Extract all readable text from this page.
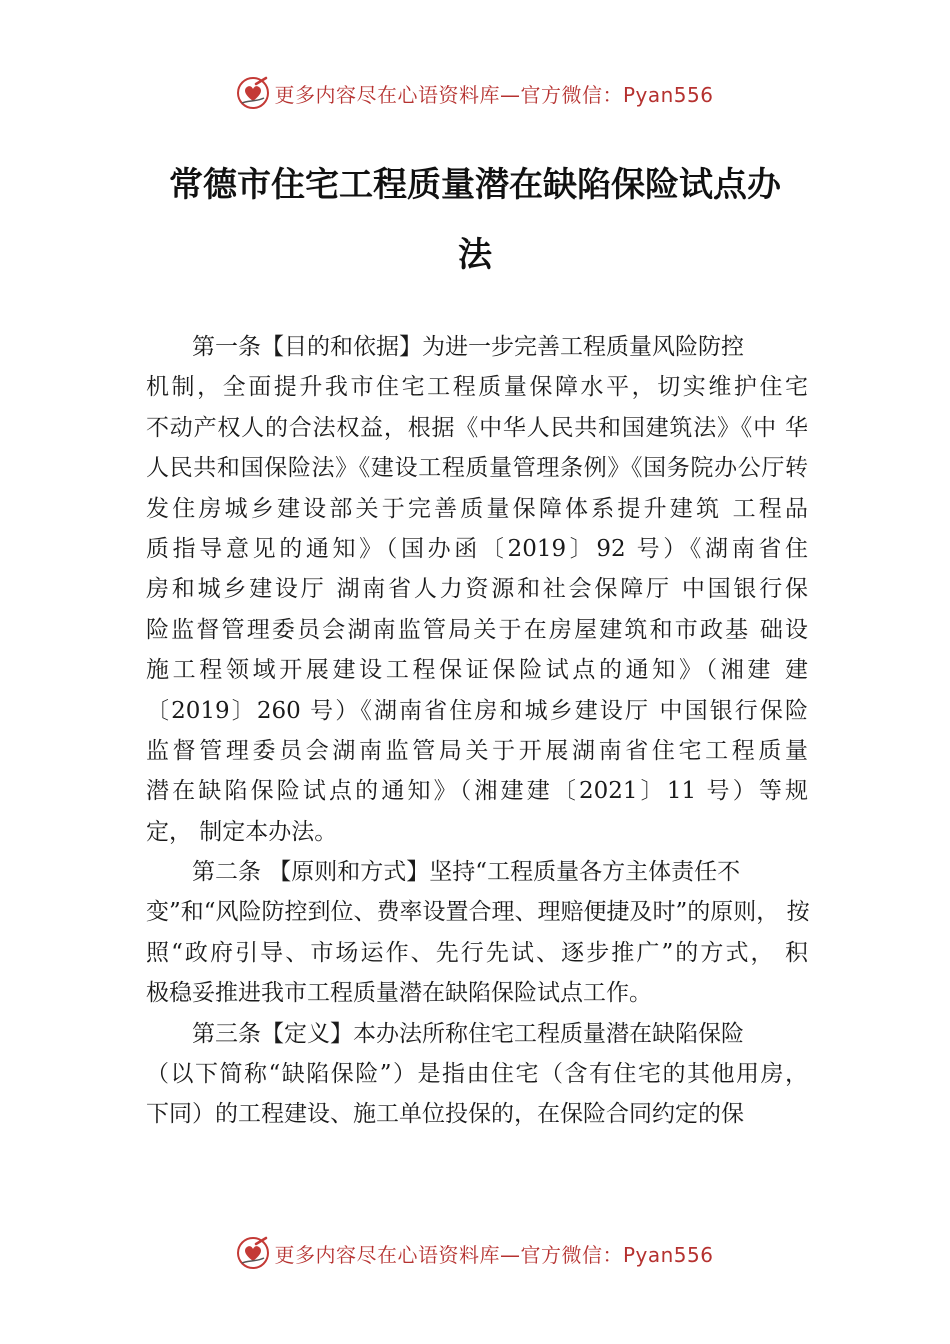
更多内容尽在心语资料库—官方微信：Pyan556
常德市住宅工程质量潜在缺陷保险试点办
法
第一条【目的和依据】为进一步完善工程质量风险防控
机制，全面提升我市住宅工程质量保障水平，切实维护住宅
不动产权人的合法权益，根据《中华人民共和国建筑法》《中 华
人民共和国保险法》《建设工程质量管理条例》《国务院办公厅转
发住房城乡建设部关于完善质量保障体系提升建筑 工程品
质指导意见的通知》（国办函〔2019〕92 号）《湖南省住
房和城乡建设厅 湖南省人力资源和社会保障厅 中国银行保
险监督管理委员会湖南监管局关于在房屋建筑和市政基 础设
施工程领域开展建设工程保证保险试点的通知》（湘建 建
〔2019〕260 号）《湖南省住房和城乡建设厅 中国银行保险
监督管理委员会湖南监管局关于开展湖南省住宅工程质量
潜在缺陷保险试点的通知》（湘建建〔2021〕11 号）等规
定， 制定本办法。
第二条 【原则和方式】坚持“工程质量各方主体责任不
变”和“风险防控到位、费率设置合理、理赔便捷及时”的原则， 按
照“政府引导、市场运作、先行先试、逐步推广”的方式， 积
极稳妥推进我市工程质量潜在缺陷保险试点工作。
第三条【定义】本办法所称住宅工程质量潜在缺陷保险
（以下简称“缺陷保险”）是指由住宅（含有住宅的其他用房，
下同）的工程建设、施工单位投保的，在保险合同约定的保
更多内容尽在心语资料库—官方微信：Pyan556
